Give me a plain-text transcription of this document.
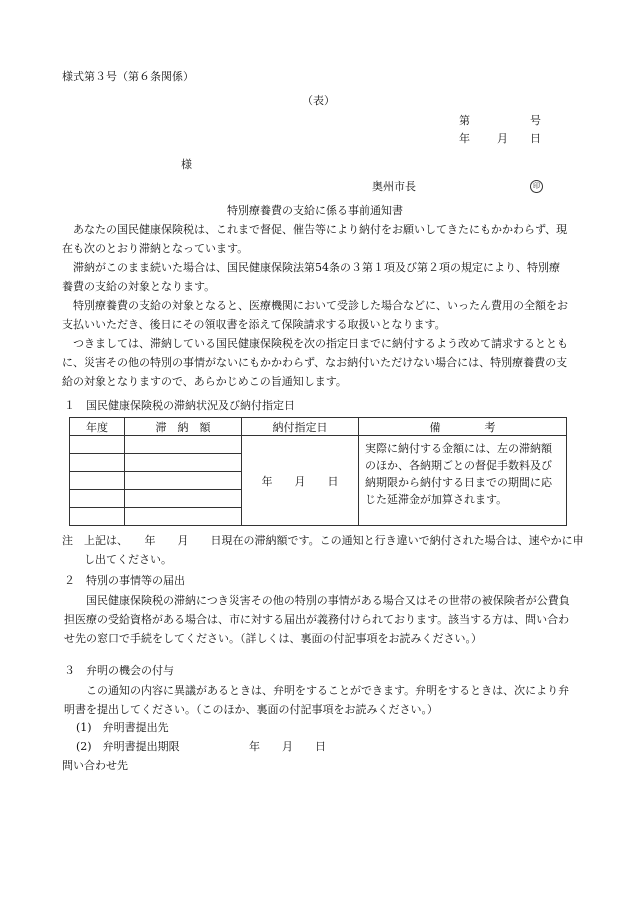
様式第３号（第６条関係）
（表）
第	号
年 月 日
様
奥州市長	印
特別療養費の支給に係る事前通知書
あなたの国民健康保険税は、これまで督促、催告等により納付をお願いしてきたにもかかわらず、現在も次のとおり滞納となっています。
滞納がこのまま続いた場合は、国民健康保険法第54条の３第１項及び第２項の規定により、特別療養費の支給の対象となります。
特別療養費の支給の対象となると、医療機関において受診した場合などに、いったん費用の全額をお支払いいただき、後日にその領収書を添えて保険請求する取扱いとなります。
つきましては、滞納している国民健康保険税を次の指定日までに納付するよう改めて請求するとともに、災害その他の特別の事情がないにもかかわらず、なお納付いただけない場合には、特別療養費の支給の対象となりますので、あらかじめこの旨通知します。
１　国民健康保険税の滞納状況及び納付指定日
年度	滞　納　額	納付指定日	備　　　　考
		年　　月　　日	実際に納付する金額には、左の滞納額のほか、各納期ごとの督促手数料及び納期限から納付する日までの期間に応じた延滞金が加算されます。

注　上記は、　　年　　月　　日現在の滞納額です。この通知と行き違いで納付された場合は、速やかに申し出てください。
２　特別の事情等の届出
国民健康保険税の滞納につき災害その他の特別の事情がある場合又はその世帯の被保険者が公費負担医療の受給資格がある場合は、市に対する届出が義務付けられております。該当する方は、問い合わせ先の窓口で手続をしてください。（詳しくは、裏面の付記事項をお読みください。）
３　弁明の機会の付与
この通知の内容に異議があるときは、弁明をすることができます。弁明をするときは、次により弁明書を提出してください。（このほか、裏面の付記事項をお読みください。）
(1)　弁明書提出先
(2)　弁明書提出期限	年　　月　　日
問い合わせ先
